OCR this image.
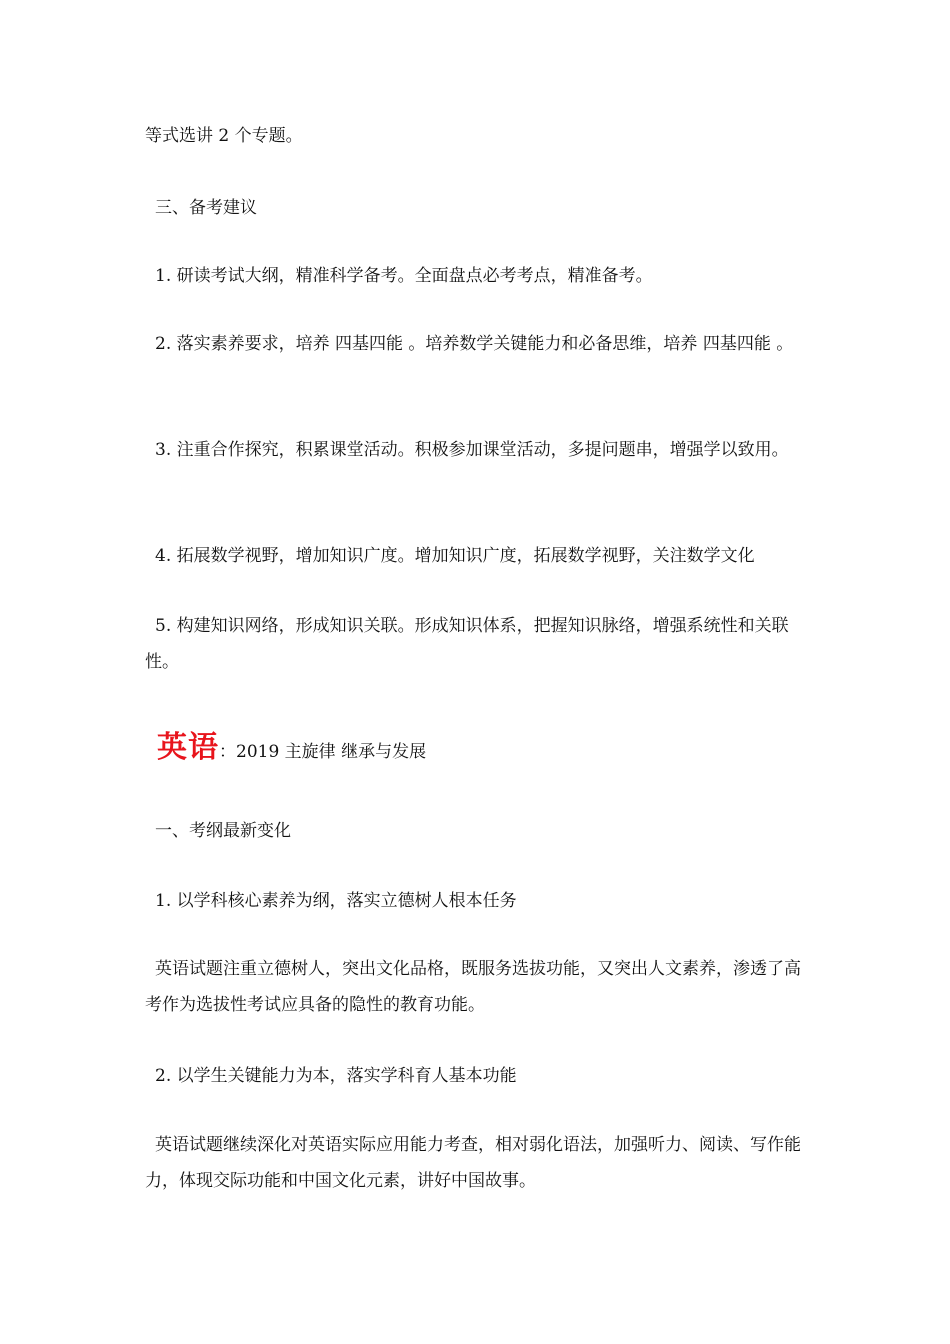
等式选讲 2 个专题。

三、备考建议

1. 研读考试大纲，精准科学备考。全面盘点必考考点，精准备考。

2. 落实素养要求，培养 四基四能 。培养数学关键能力和必备思维，培养 四基四能 。

3. 注重合作探究，积累课堂活动。积极参加课堂活动，多提问题串，增强学以致用。

4. 拓展数学视野，增加知识广度。增加知识广度，拓展数学视野，关注数学文化

5. 构建知识网络，形成知识关联。形成知识体系，把握知识脉络，增强系统性和关联性。

英语 ：2019 主旋律 继承与发展

一、考纲最新变化

1. 以学科核心素养为纲，落实立德树人根本任务

英语试题注重立德树人，突出文化品格，既服务选拔功能，又突出人文素养，渗透了高考作为选拔性考试应具备的隐性的教育功能。

2. 以学生关键能力为本，落实学科育人基本功能

英语试题继续深化对英语实际应用能力考查，相对弱化语法，加强听力、阅读、写作能力，体现交际功能和中国文化元素，讲好中国故事。
